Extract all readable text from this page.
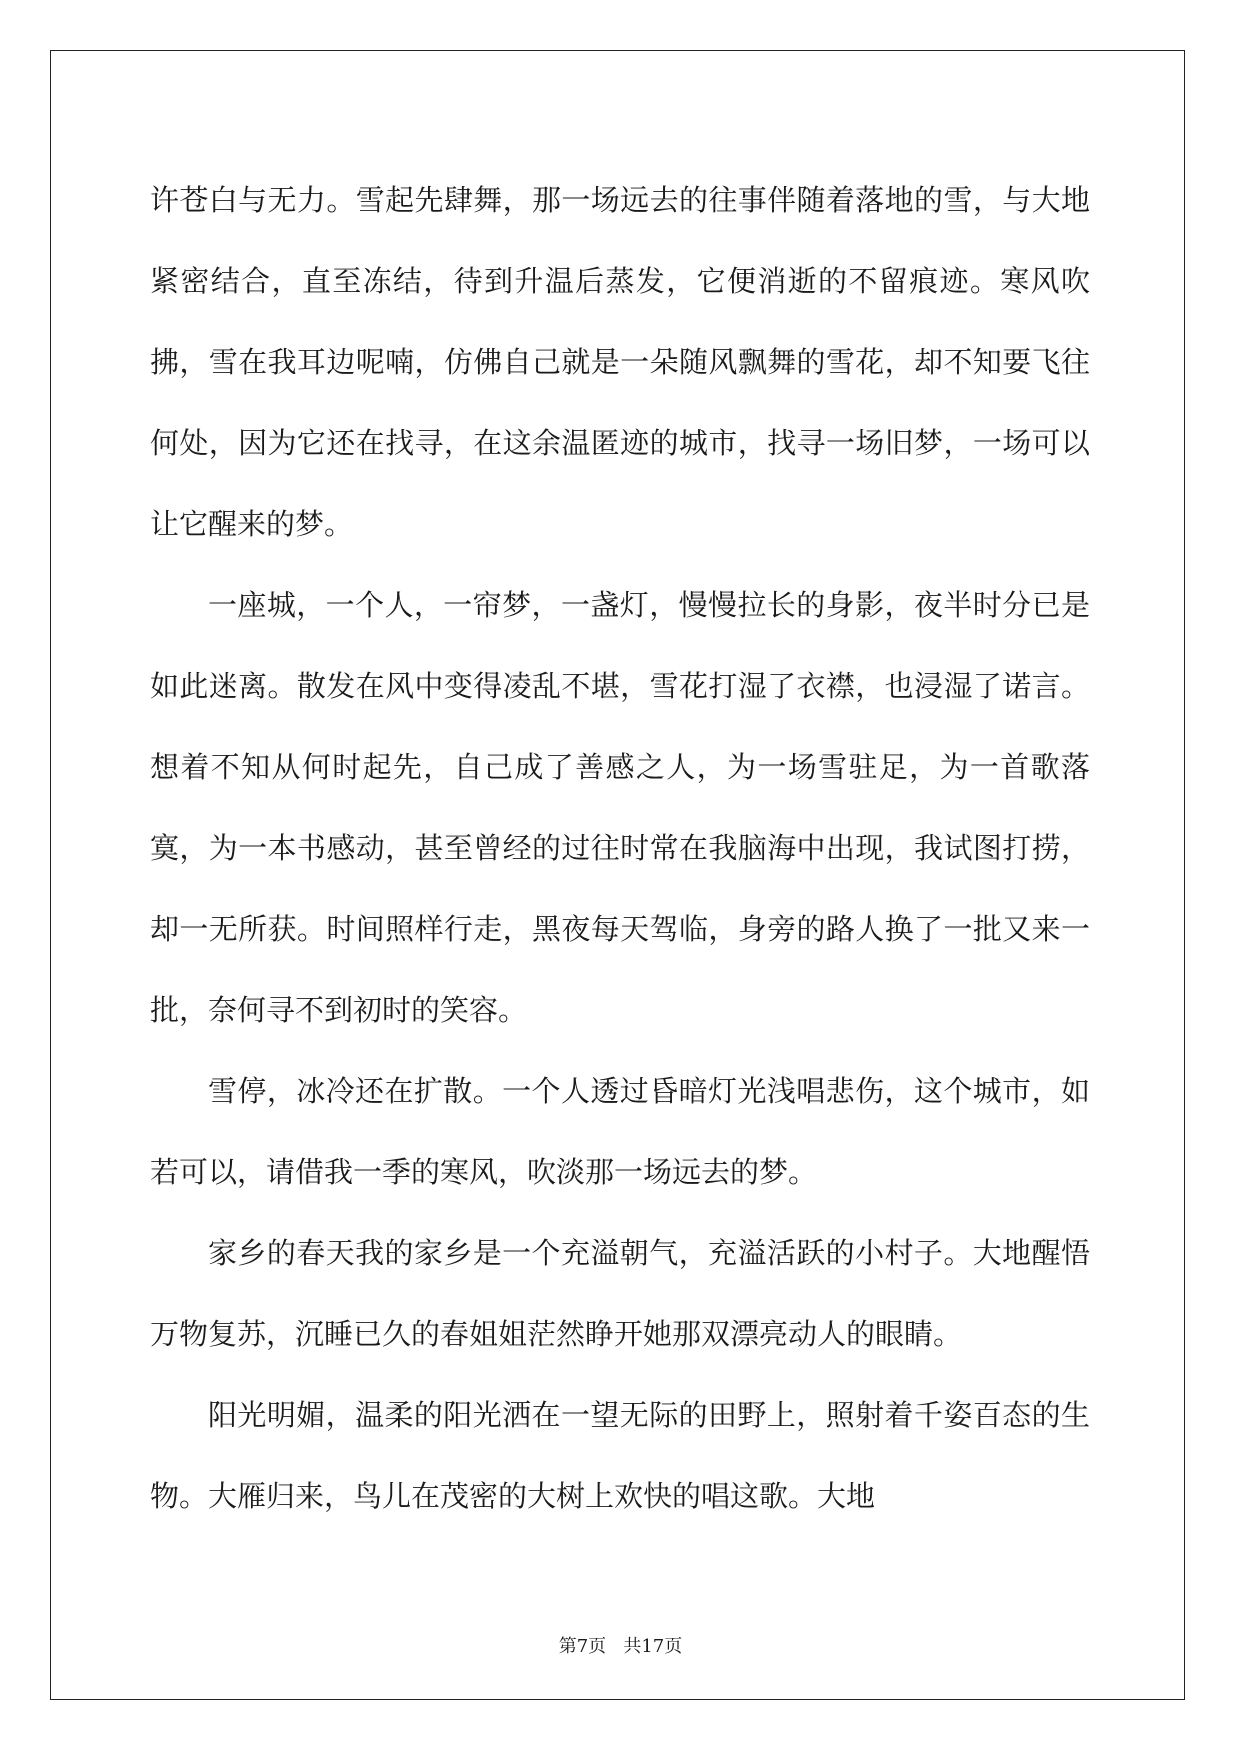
许苍白与无力。雪起先肆舞，那一场远去的往事伴随着落地的雪，与大地紧密结合，直至冻结，待到升温后蒸发，它便消逝的不留痕迹。寒风吹拂，雪在我耳边呢喃，仿佛自己就是一朵随风飘舞的雪花，却不知要飞往何处，因为它还在找寻，在这余温匿迹的城市，找寻一场旧梦，一场可以让它醒来的梦。

一座城，一个人，一帘梦，一盏灯，慢慢拉长的身影，夜半时分已是如此迷离。散发在风中变得凌乱不堪，雪花打湿了衣襟，也浸湿了诺言。想着不知从何时起先，自己成了善感之人，为一场雪驻足，为一首歌落寞，为一本书感动，甚至曾经的过往时常在我脑海中出现，我试图打捞，却一无所获。时间照样行走，黑夜每天驾临，身旁的路人换了一批又来一批，奈何寻不到初时的笑容。

雪停，冰冷还在扩散。一个人透过昏暗灯光浅唱悲伤，这个城市，如若可以，请借我一季的寒风，吹淡那一场远去的梦。

家乡的春天我的家乡是一个充溢朝气，充溢活跃的小村子。大地醒悟万物复苏，沉睡已久的春姐姐茫然睁开她那双漂亮动人的眼睛。

阳光明媚，温柔的阳光洒在一望无际的田野上，照射着千姿百态的生物。大雁归来，鸟儿在茂密的大树上欢快的唱这歌。大地

第7页 共17页
